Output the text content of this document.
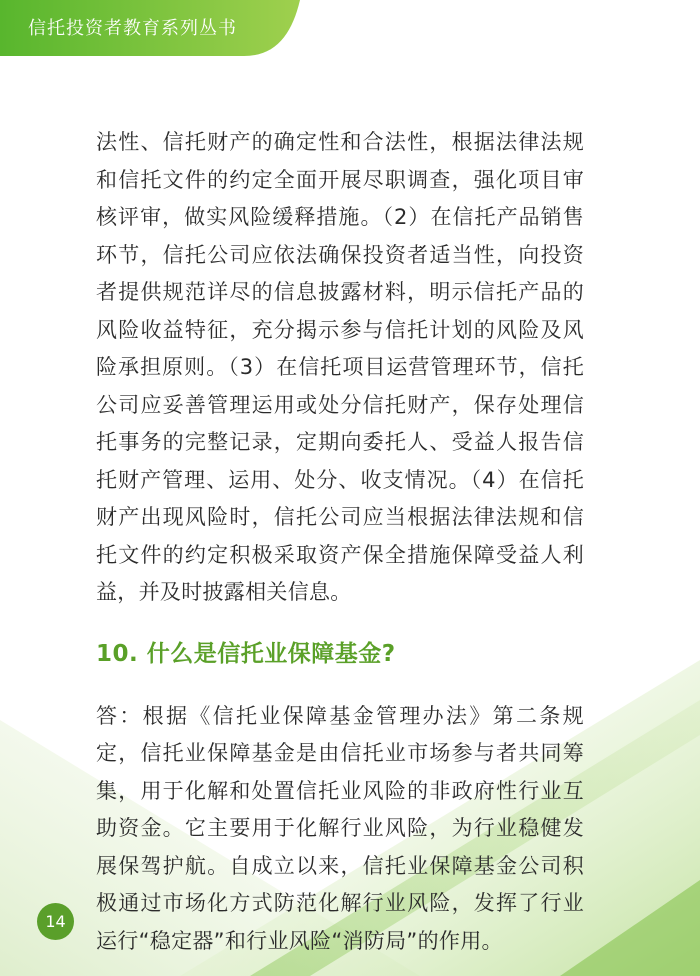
信托投资者教育系列丛书

法性、信托财产的确定性和合法性，根据法律法规和信托文件的约定全面开展尽职调查，强化项目审核评审，做实风险缓释措施。（2）在信托产品销售环节，信托公司应依法确保投资者适当性，向投资者提供规范详尽的信息披露材料，明示信托产品的风险收益特征，充分揭示参与信托计划的风险及风险承担原则。（3）在信托项目运营管理环节，信托公司应妥善管理运用或处分信托财产，保存处理信托事务的完整记录，定期向委托人、受益人报告信托财产管理、运用、处分、收支情况。（4）在信托财产出现风险时，信托公司应当根据法律法规和信托文件的约定积极采取资产保全措施保障受益人利益，并及时披露相关信息。

10. 什么是信托业保障基金?

答：根据《信托业保障基金管理办法》第二条规定，信托业保障基金是由信托业市场参与者共同筹集，用于化解和处置信托业风险的非政府性行业互助资金。它主要用于化解行业风险，为行业稳健发展保驾护航。自成立以来，信托业保障基金公司积极通过市场化方式防范化解行业风险，发挥了行业运行“稳定器”和行业风险“消防局”的作用。

14
